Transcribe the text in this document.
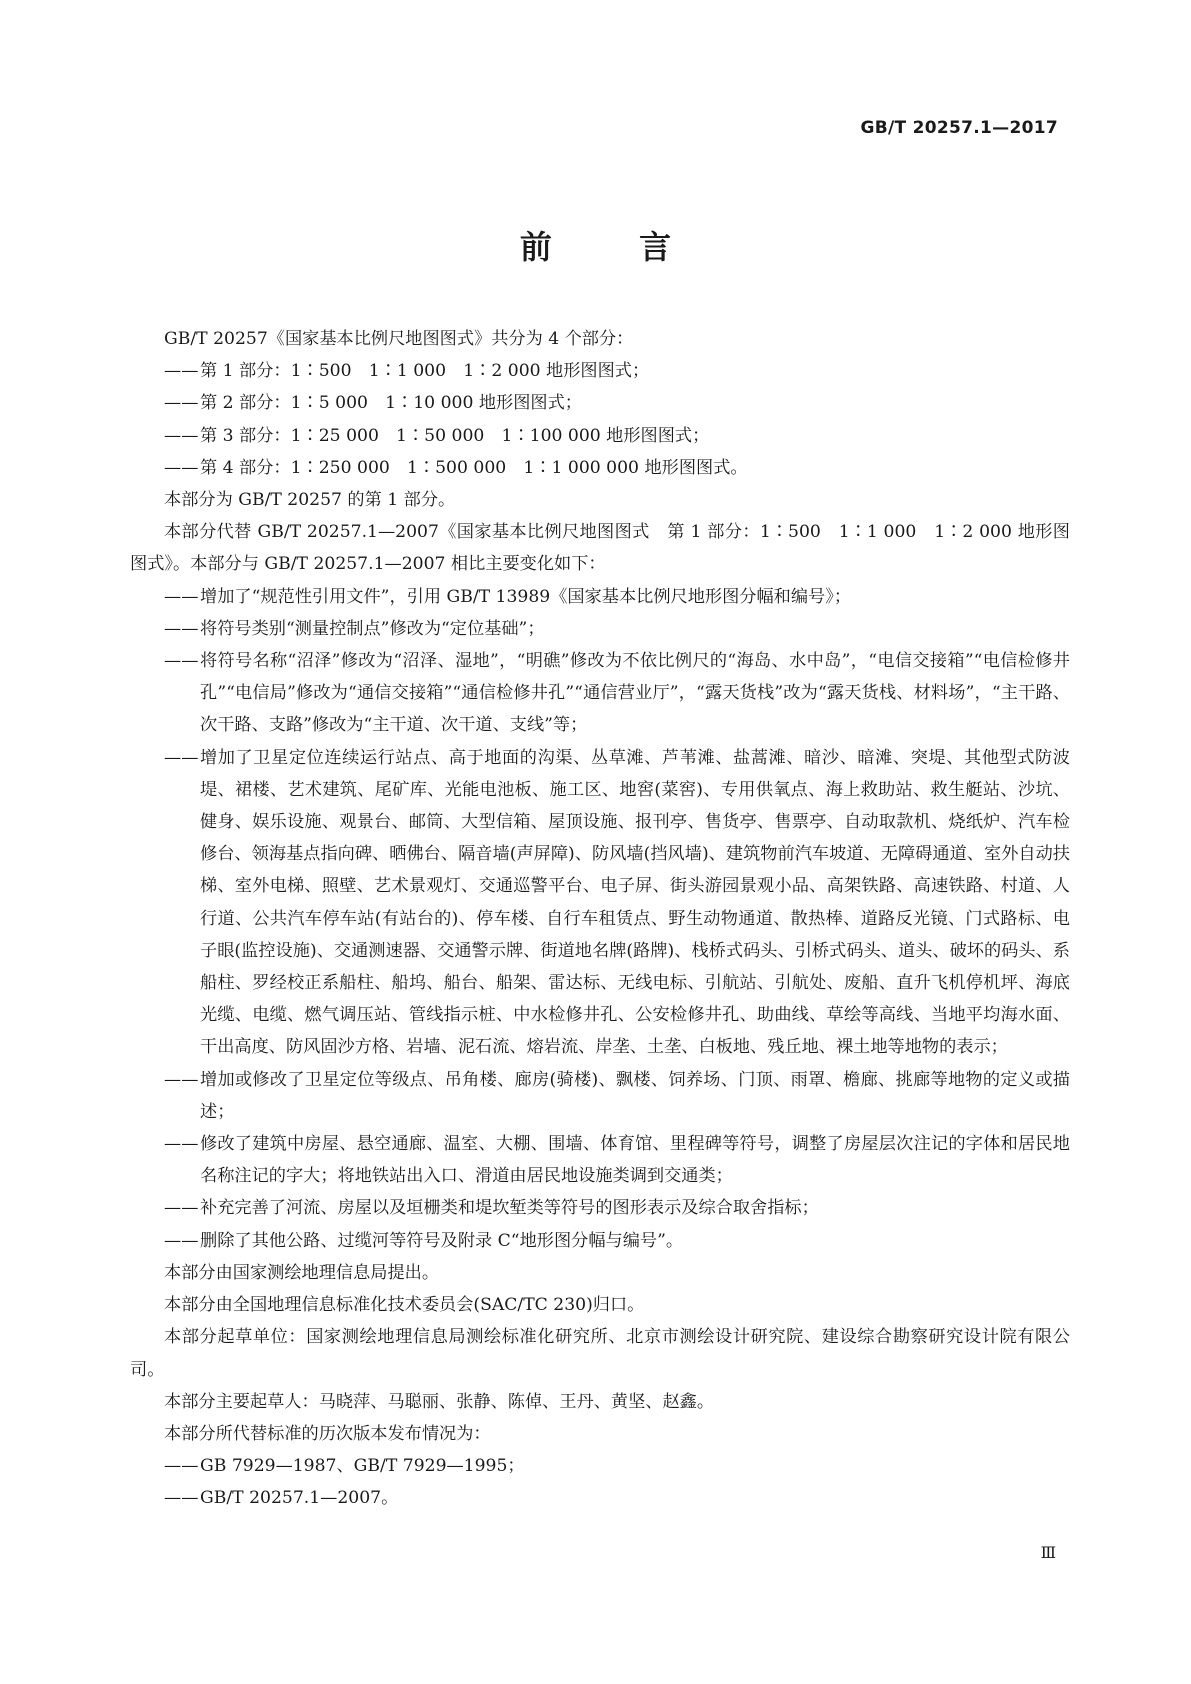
GB/T 20257.1—2017
前 言

GB/T 20257《国家基本比例尺地图图式》共分为 4 个部分：

—— 第 1 部分：1∶500　1∶1 000　1∶2 000 地形图图式；
—— 第 2 部分：1∶5 000　1∶10 000 地形图图式；
—— 第 3 部分：1∶25 000　1∶50 000　1∶100 000 地形图图式；
—— 第 4 部分：1∶250 000　1∶500 000　1∶1 000 000 地形图图式。

本部分为 GB/T 20257 的第 1 部分。

本部分代替 GB/T 20257.1—2007《国家基本比例尺地图图式　第 1 部分：1∶500　1∶1 000　1∶2 000 地形图图式》。本部分与 GB/T 20257.1—2007 相比主要变化如下：

—— 增加了“规范性引用文件”，引用 GB/T 13989《国家基本比例尺地形图分幅和编号》；
—— 将符号类别“测量控制点”修改为“定位基础”；
—— 将符号名称“沼泽”修改为“沼泽、湿地”，“明礁”修改为不依比例尺的“海岛、水中岛”，“电信交接箱”“电信检修井孔”“电信局”修改为“通信交接箱”“通信检修井孔”“通信营业厅”，“露天货栈”改为“露天货栈、材料场”，“主干路、次干路、支路”修改为“主干道、次干道、支线”等；
—— 增加了卫星定位连续运行站点、高于地面的沟渠、丛草滩、芦苇滩、盐蒿滩、暗沙、暗滩、突堤、其他型式防波堤、裙楼、艺术建筑、尾矿库、光能电池板、施工区、地窖(菜窖)、专用供氧点、海上救助站、救生艇站、沙坑、健身、娱乐设施、观景台、邮筒、大型信箱、屋顶设施、报刊亭、售货亭、售票亭、自动取款机、烧纸炉、汽车检修台、领海基点指向碑、晒佛台、隔音墙(声屏障)、防风墙(挡风墙)、建筑物前汽车坡道、无障碍通道、室外自动扶梯、室外电梯、照壁、艺术景观灯、交通巡警平台、电子屏、街头游园景观小品、高架铁路、高速铁路、村道、人行道、公共汽车停车站(有站台的)、停车楼、自行车租赁点、野生动物通道、散热棒、道路反光镜、门式路标、电子眼(监控设施)、交通测速器、交通警示牌、街道地名牌(路牌)、栈桥式码头、引桥式码头、道头、破坏的码头、系船柱、罗经校正系船柱、船坞、船台、船架、雷达标、无线电标、引航站、引航处、废船、直升飞机停机坪、海底光缆、电缆、燃气调压站、管线指示桩、中水检修井孔、公安检修井孔、助曲线、草绘等高线、当地平均海水面、干出高度、防风固沙方格、岩墙、泥石流、熔岩流、岸垄、土垄、白板地、残丘地、裸土地等地物的表示；
—— 增加或修改了卫星定位等级点、吊角楼、廊房(骑楼)、飘楼、饲养场、门顶、雨罩、檐廊、挑廊等地物的定义或描述；
—— 修改了建筑中房屋、悬空通廊、温室、大棚、围墙、体育馆、里程碑等符号，调整了房屋层次注记的字体和居民地名称注记的字大；将地铁站出入口、滑道由居民地设施类调到交通类；
—— 补充完善了河流、房屋以及垣栅类和堤坎堑类等符号的图形表示及综合取舍指标；
—— 删除了其他公路、过缆河等符号及附录 C“地形图分幅与编号”。

本部分由国家测绘地理信息局提出。

本部分由全国地理信息标准化技术委员会(SAC/TC 230)归口。

本部分起草单位：国家测绘地理信息局测绘标准化研究所、北京市测绘设计研究院、建设综合勘察研究设计院有限公司。

本部分主要起草人：马晓萍、马聪丽、张静、陈倬、王丹、黄坚、赵鑫。

本部分所代替标准的历次版本发布情况为：

—— GB 7929—1987、GB/T 7929—1995；
—— GB/T 20257.1—2007。
Ⅲ
